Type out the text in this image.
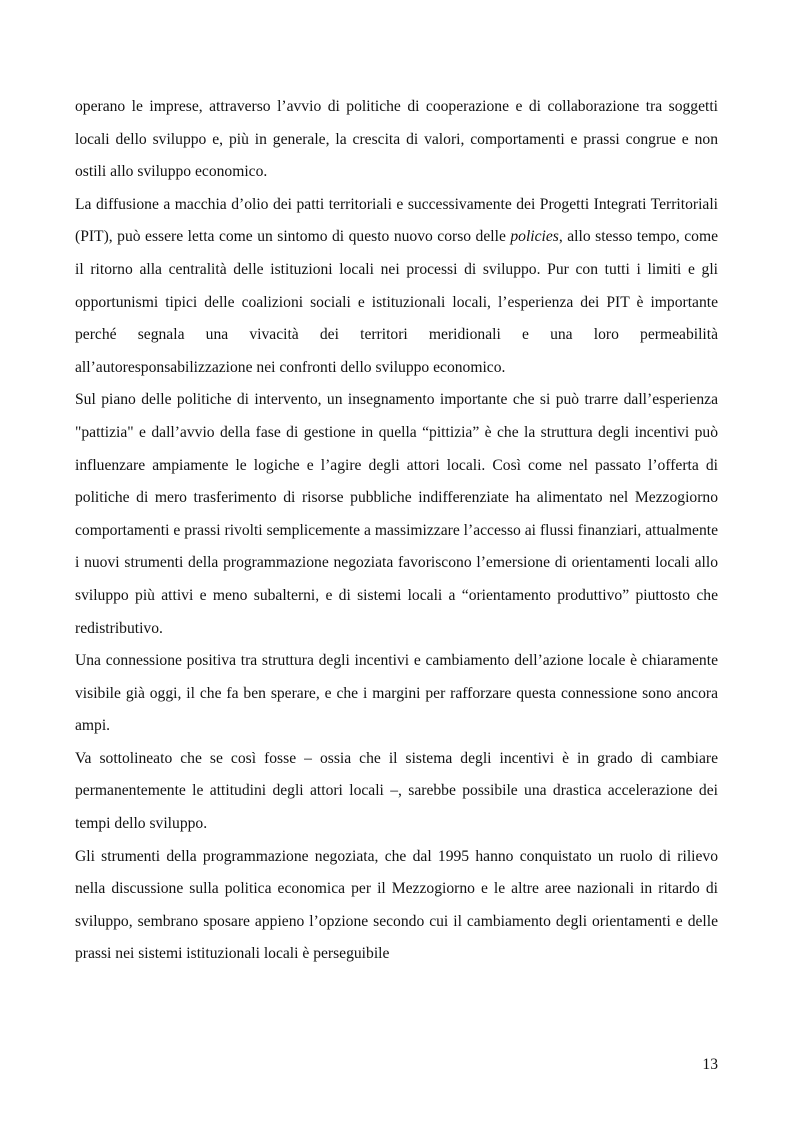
operano le imprese, attraverso l’avvio di politiche di cooperazione e di collaborazione tra soggetti locali dello sviluppo e, più in generale, la crescita di valori, comportamenti e prassi congrue e non ostili allo sviluppo economico.

La diffusione a macchia d’olio dei patti territoriali e successivamente dei Progetti Integrati Territoriali (PIT), può essere letta come un sintomo di questo nuovo corso delle policies, allo stesso tempo, come il ritorno alla centralità delle istituzioni locali nei processi di sviluppo. Pur con tutti i limiti e gli opportunismi tipici delle coalizioni sociali e istituzionali locali, l’esperienza dei PIT è importante perché segnala una vivacità dei territori meridionali e una loro permeabilità all’autoresponsabilizzazione nei confronti dello sviluppo economico.

Sul piano delle politiche di intervento, un insegnamento importante che si può trarre dall’esperienza "pattizia" e dall’avvio della fase di gestione in quella “pittizia” è che la struttura degli incentivi può influenzare ampiamente le logiche e l’agire degli attori locali. Così come nel passato l’offerta di politiche di mero trasferimento di risorse pubbliche indifferenziate ha alimentato nel Mezzogiorno comportamenti e prassi rivolti semplicemente a massimizzare l’accesso ai flussi finanziari, attualmente i nuovi strumenti della programmazione negoziata favoriscono l’emersione di orientamenti locali allo sviluppo più attivi e meno subalterni, e di sistemi locali a “orientamento produttivo” piuttosto che redistributivo.

Una connessione positiva tra struttura degli incentivi e cambiamento dell’azione locale è chiaramente visibile già oggi, il che fa ben sperare, e che i margini per rafforzare questa connessione sono ancora ampi.

Va sottolineato che se così fosse – ossia che il sistema degli incentivi è in grado di cambiare permanentemente le attitudini degli attori locali –, sarebbe possibile una drastica accelerazione dei tempi dello sviluppo.

Gli strumenti della programmazione negoziata, che dal 1995 hanno conquistato un ruolo di rilievo nella discussione sulla politica economica per il Mezzogiorno e le altre aree nazionali in ritardo di sviluppo, sembrano sposare appieno l’opzione secondo cui il cambiamento degli orientamenti e delle prassi nei sistemi istituzionali locali è perseguibile

13
